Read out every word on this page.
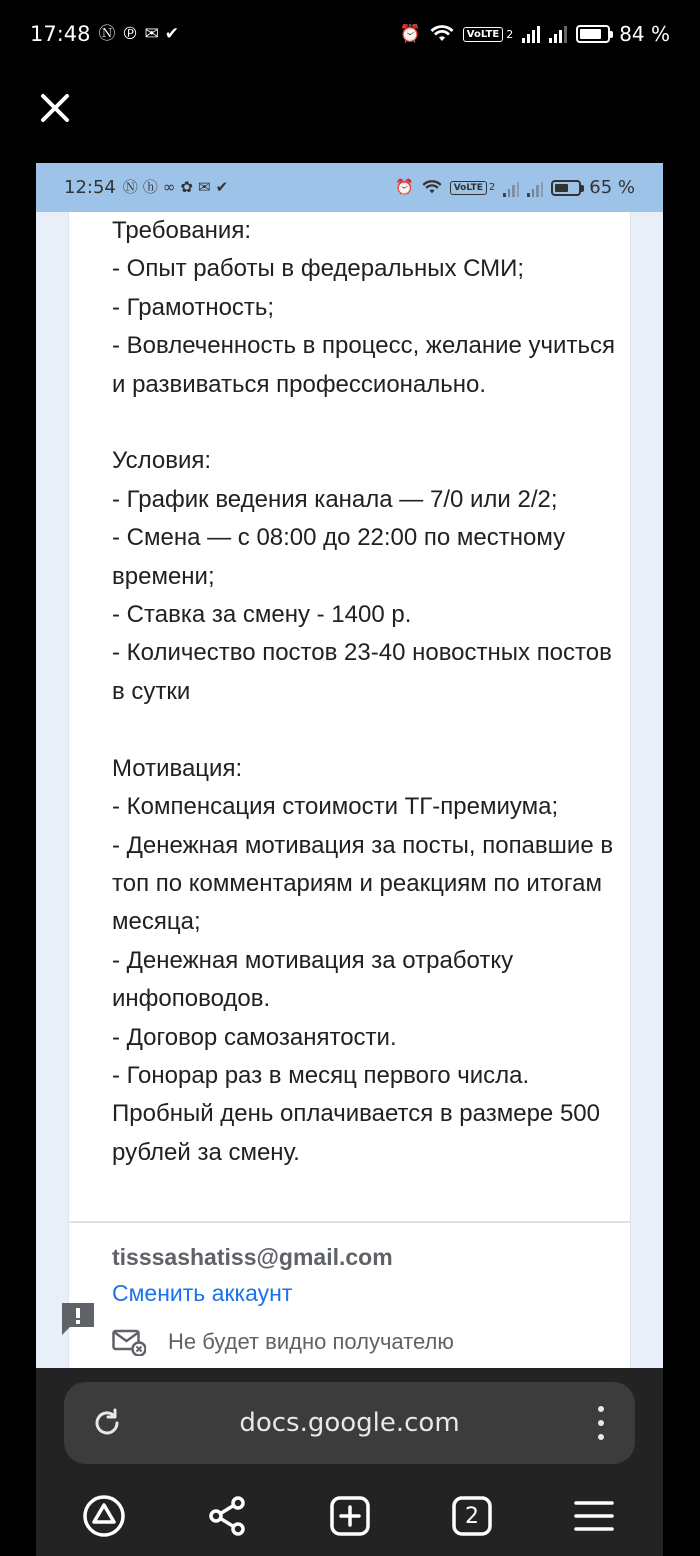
17:48 Ⓝ ℗ ✉ ✔	⏰	VoLTE 2	84 %
12:54 Ⓝ ⓗ ∞ ✿ ✉ ✔	⏰	VoLTE 2	65 %
Требования:
- Опыт работы в федеральных СМИ;
- Грамотность;
- Вовлеченность в процесс, желание учиться и развиваться профессионально.

Условия:
- График ведения канала — 7/0 или 2/2;
- Смена — с 08:00 до 22:00 по местному времени;
- Ставка за смену - 1400 р.
- Количество постов 23-40 новостных постов в сутки

Мотивация:
- Компенсация стоимости ТГ-премиума;
- Денежная мотивация за посты, попавшие в топ по комментариям и реакциям по итогам месяца;
- Денежная мотивация за отработку инфоповодов.
- Договор самозанятости.
- Гонорар раз в месяц первого числа. Пробный день оплачивается в размере 500 рублей за смену.
tisssashatiss@gmail.com
Сменить аккаунт
Не будет видно получателю
docs.google.com
2
